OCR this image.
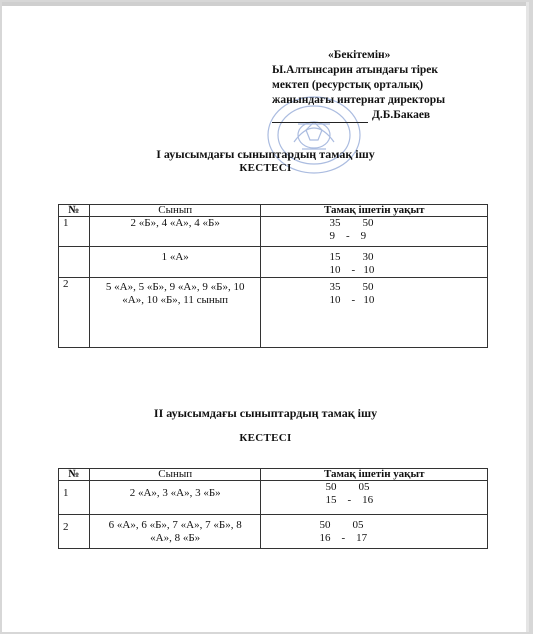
«Бекітемін»
Ы.Алтынсарин атындағы тірек
мектеп (ресурстық орталық)
жанындағы интернат директоры
Д.Б.Бакаев
І ауысымдағы сыныптардың тамақ ішу
КЕСТЕСІ
№	Сынып	Тамақ ішетін уақыт
1	2 «Б», 4 «А», 4 «Б»	35        50
9    -    9

	1 «А»	15        30
10    -   10

2	5 «А», 5 «Б», 9 «А», 9 «Б», 10 «А», 10 «Б», 11 сынып	35        50
10    -   10
ІІ ауысымдағы сыныптардың тамақ ішу
КЕСТЕСІ
№	Сынып	Тамақ ішетін уақыт
1	2 «А», 3 «А», 3 «Б»	50        05
15    -    16

2	6 «А», 6 «Б», 7 «А», 7 «Б», 8 «А», 8 «Б»	50        05
16    -    17
